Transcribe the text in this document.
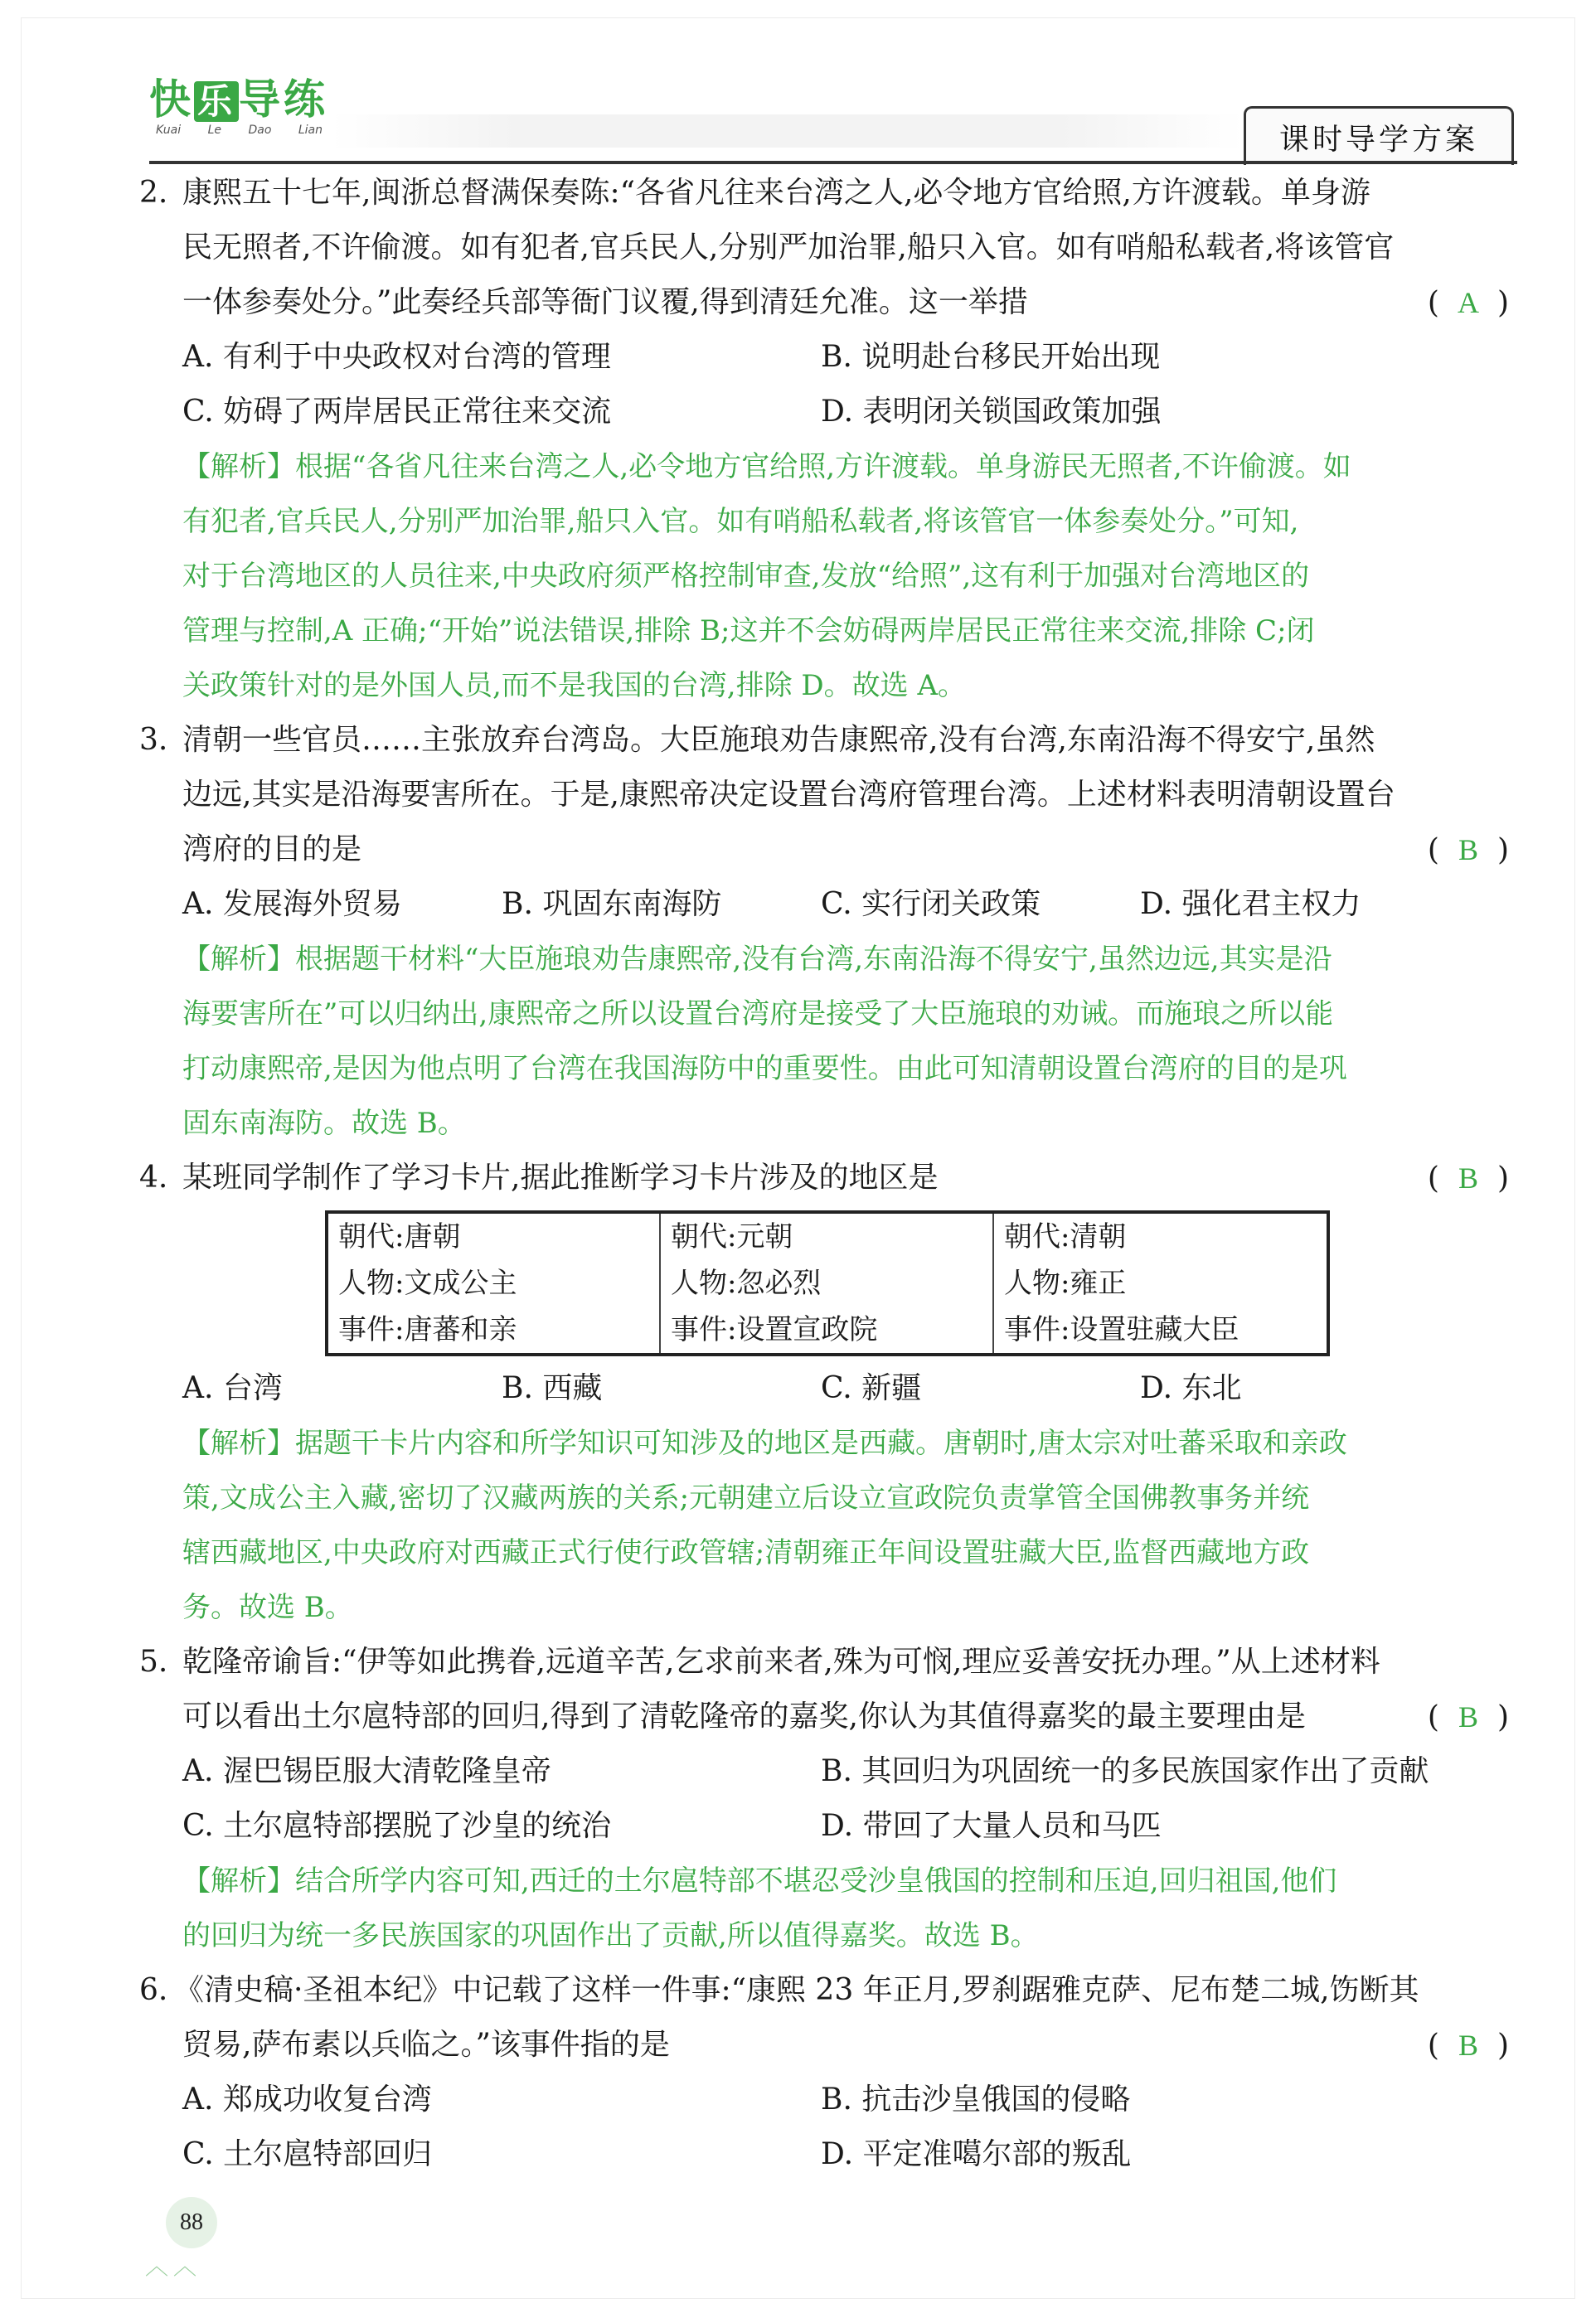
快乐导练
Kuai Le Dao Lian	课时导学方案
2. 康熙五十七年,闽浙总督满保奏陈:“各省凡往来台湾之人,必令地方官给照,方许渡载。单身游
民无照者,不许偷渡。如有犯者,官兵民人,分别严加治罪,船只入官。如有哨船私载者,将该管官
一体参奏处分。”此奏经兵部等衙门议覆,得到清廷允准。这一举措	( A )
A. 有利于中央政权对台湾的管理	B. 说明赴台移民开始出现
C. 妨碍了两岸居民正常往来交流	D. 表明闭关锁国政策加强
【解析】根据“各省凡往来台湾之人,必令地方官给照,方许渡载。单身游民无照者,不许偷渡。如
有犯者,官兵民人,分别严加治罪,船只入官。如有哨船私载者,将该管官一体参奏处分。”可知,
对于台湾地区的人员往来,中央政府须严格控制审查,发放“给照”,这有利于加强对台湾地区的
管理与控制,A 正确;“开始”说法错误,排除 B;这并不会妨碍两岸居民正常往来交流,排除 C;闭
关政策针对的是外国人员,而不是我国的台湾,排除 D。故选 A。
3. 清朝一些官员……主张放弃台湾岛。大臣施琅劝告康熙帝,没有台湾,东南沿海不得安宁,虽然
边远,其实是沿海要害所在。于是,康熙帝决定设置台湾府管理台湾。上述材料表明清朝设置台
湾府的目的是	( B )
A. 发展海外贸易	B. 巩固东南海防	C. 实行闭关政策	D. 强化君主权力
【解析】根据题干材料“大臣施琅劝告康熙帝,没有台湾,东南沿海不得安宁,虽然边远,其实是沿
海要害所在”可以归纳出,康熙帝之所以设置台湾府是接受了大臣施琅的劝诫。而施琅之所以能
打动康熙帝,是因为他点明了台湾在我国海防中的重要性。由此可知清朝设置台湾府的目的是巩
固东南海防。故选 B。
4. 某班同学制作了学习卡片,据此推断学习卡片涉及的地区是	( B )
朝代:唐朝	朝代:元朝	朝代:清朝
人物:文成公主	人物:忽必烈	人物:雍正
事件:唐蕃和亲	事件:设置宣政院	事件:设置驻藏大臣
A. 台湾	B. 西藏	C. 新疆	D. 东北
【解析】据题干卡片内容和所学知识可知涉及的地区是西藏。唐朝时,唐太宗对吐蕃采取和亲政
策,文成公主入藏,密切了汉藏两族的关系;元朝建立后设立宣政院负责掌管全国佛教事务并统
辖西藏地区,中央政府对西藏正式行使行政管辖;清朝雍正年间设置驻藏大臣,监督西藏地方政
务。故选 B。
5. 乾隆帝谕旨:“伊等如此携眷,远道辛苦,乞求前来者,殊为可悯,理应妥善安抚办理。”从上述材料
可以看出土尔扈特部的回归,得到了清乾隆帝的嘉奖,你认为其值得嘉奖的最主要理由是	( B )
A. 渥巴锡臣服大清乾隆皇帝	B. 其回归为巩固统一的多民族国家作出了贡献
C. 土尔扈特部摆脱了沙皇的统治	D. 带回了大量人员和马匹
【解析】结合所学内容可知,西迁的土尔扈特部不堪忍受沙皇俄国的控制和压迫,回归祖国,他们
的回归为统一多民族国家的巩固作出了贡献,所以值得嘉奖。故选 B。
6. 《清史稿·圣祖本纪》中记载了这样一件事:“康熙 23 年正月,罗刹踞雅克萨、尼布楚二城,饬断其
贸易,萨布素以兵临之。”该事件指的是	( B )
A. 郑成功收复台湾	B. 抗击沙皇俄国的侵略
C. 土尔扈特部回归	D. 平定准噶尔部的叛乱
88
︿︿
